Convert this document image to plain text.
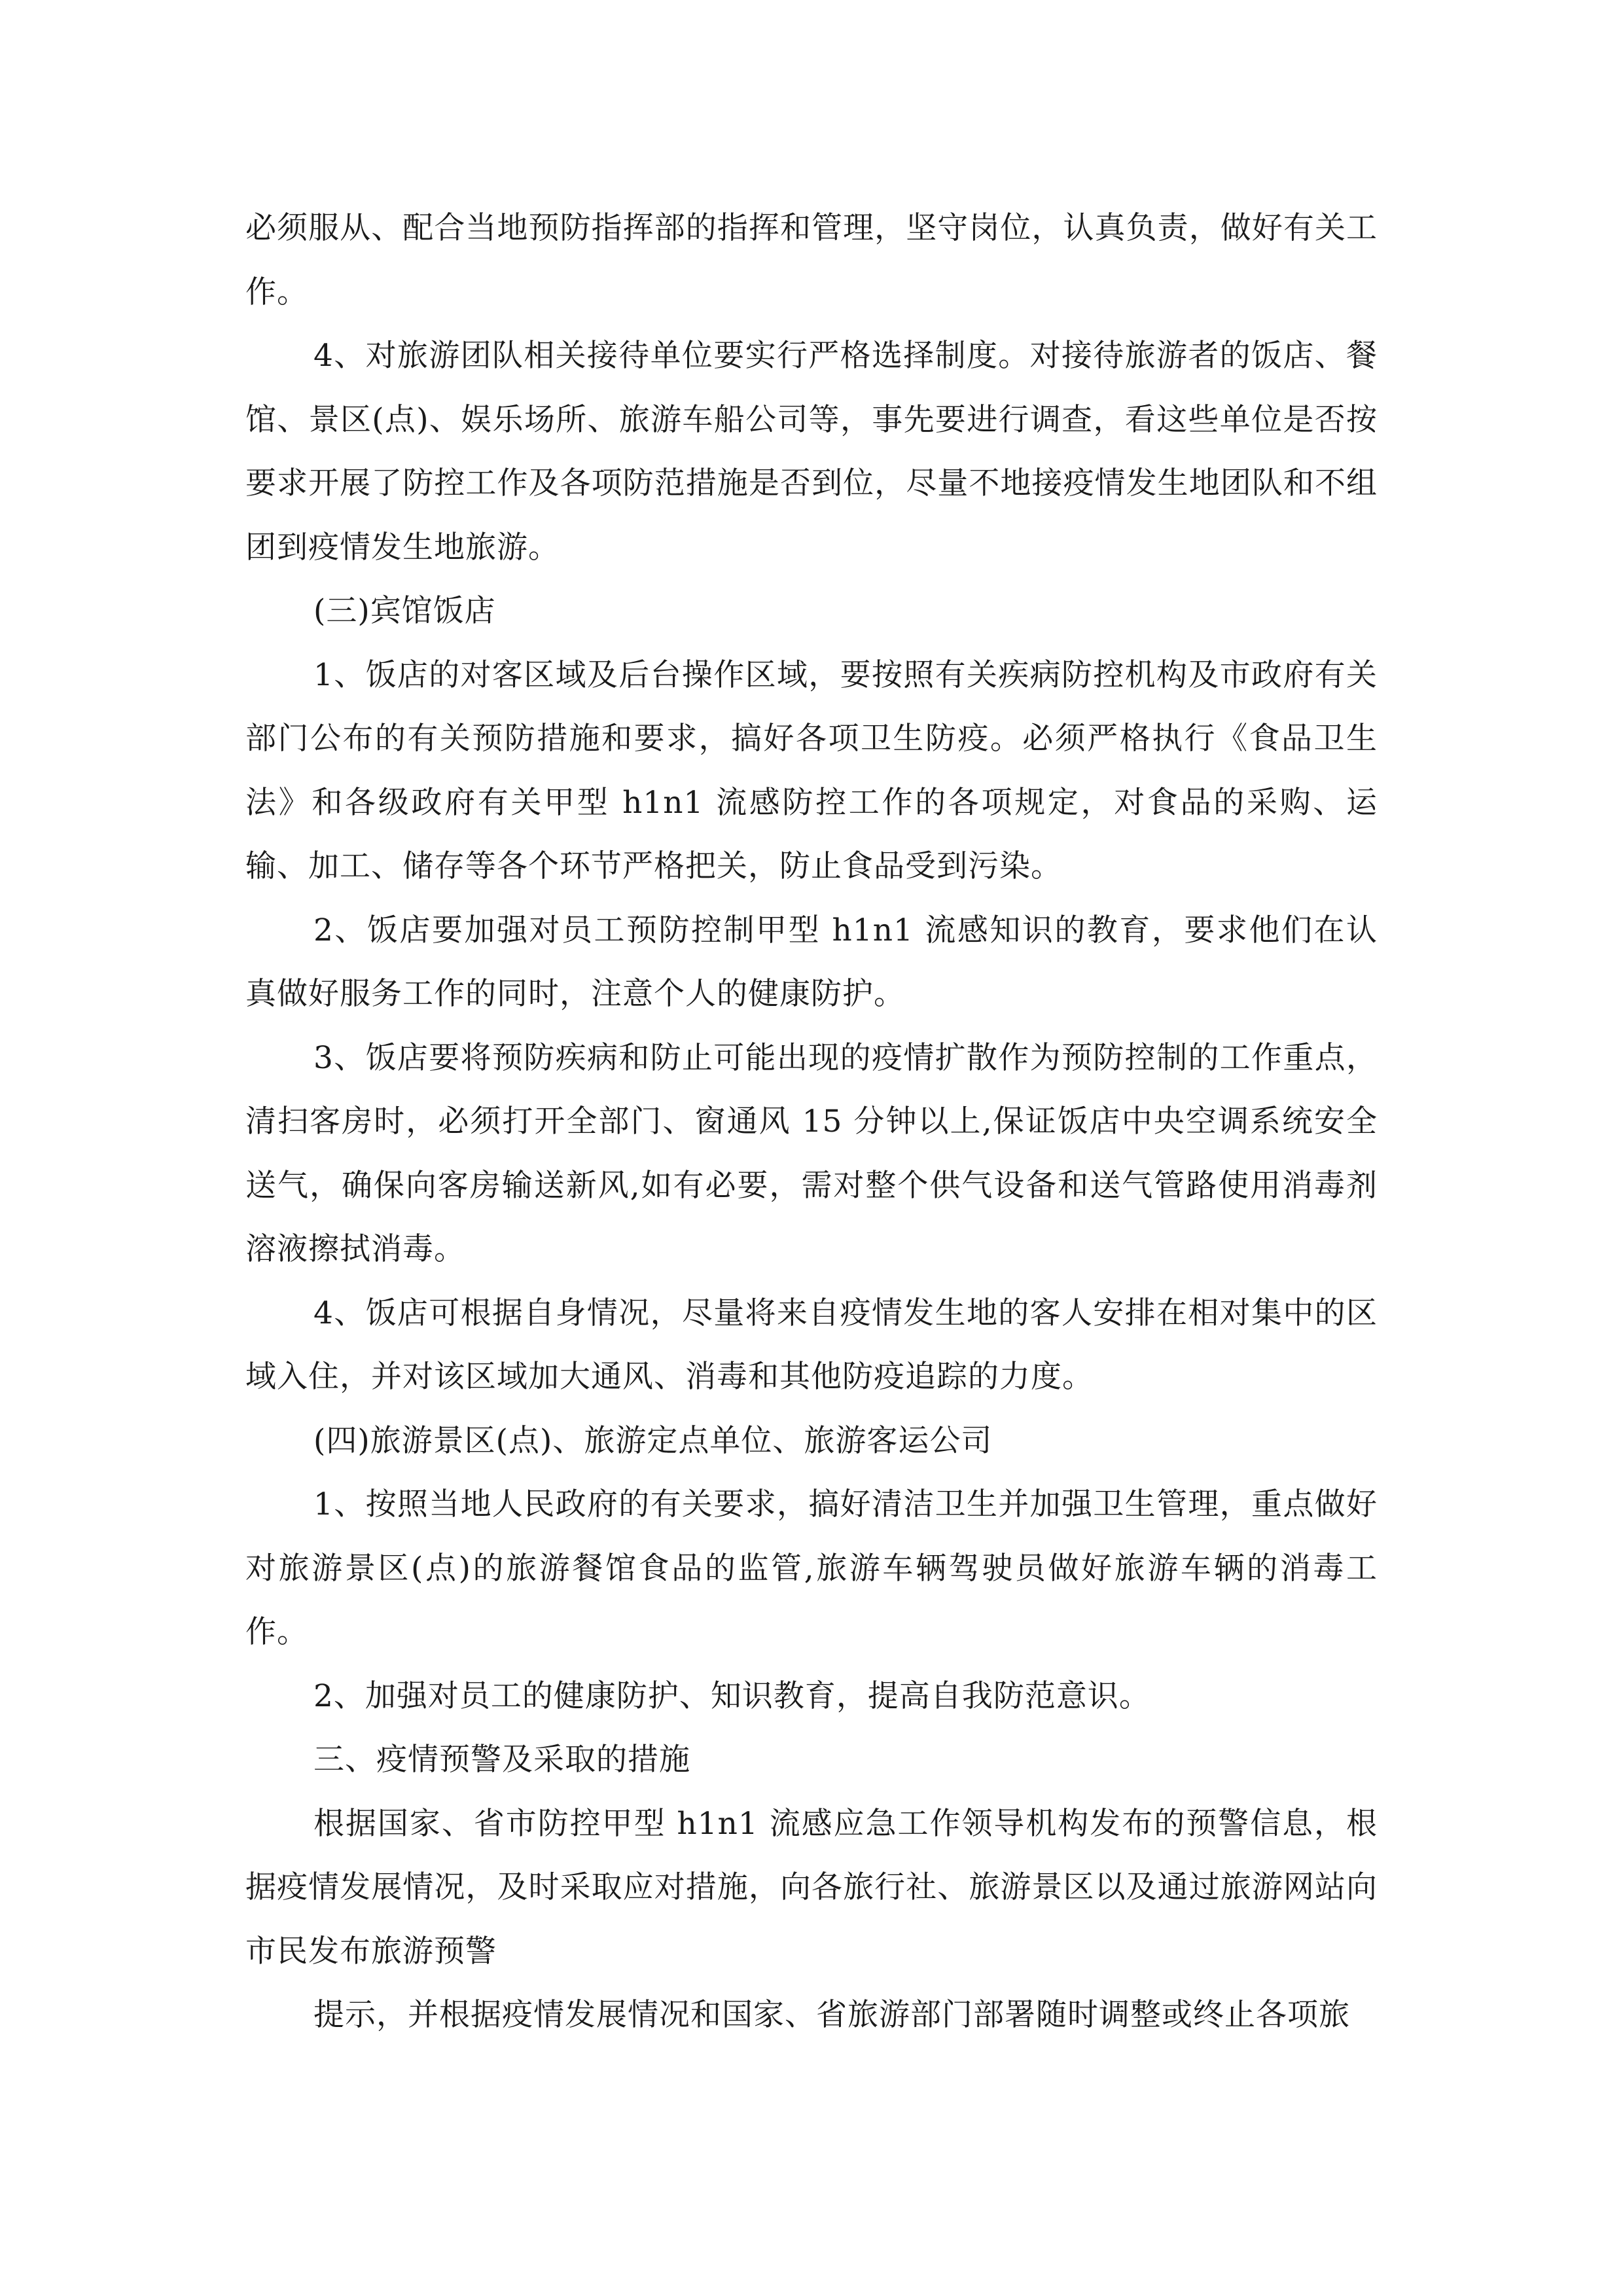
必须服从、配合当地预防指挥部的指挥和管理，坚守岗位，认真负责，做好有关工作。

4、对旅游团队相关接待单位要实行严格选择制度。对接待旅游者的饭店、餐馆、景区(点)、娱乐场所、旅游车船公司等，事先要进行调查，看这些单位是否按要求开展了防控工作及各项防范措施是否到位，尽量不地接疫情发生地团队和不组团到疫情发生地旅游。

(三)宾馆饭店

1、饭店的对客区域及后台操作区域，要按照有关疾病防控机构及市政府有关部门公布的有关预防措施和要求，搞好各项卫生防疫。必须严格执行《食品卫生法》和各级政府有关甲型 h1n1 流感防控工作的各项规定，对食品的采购、运输、加工、储存等各个环节严格把关，防止食品受到污染。

2、饭店要加强对员工预防控制甲型 h1n1 流感知识的教育，要求他们在认真做好服务工作的同时，注意个人的健康防护。

3、饭店要将预防疾病和防止可能出现的疫情扩散作为预防控制的工作重点，清扫客房时，必须打开全部门、窗通风 15 分钟以上,保证饭店中央空调系统安全送气，确保向客房输送新风,如有必要，需对整个供气设备和送气管路使用消毒剂溶液擦拭消毒。

4、饭店可根据自身情况，尽量将来自疫情发生地的客人安排在相对集中的区域入住，并对该区域加大通风、消毒和其他防疫追踪的力度。

(四)旅游景区(点)、旅游定点单位、旅游客运公司

1、按照当地人民政府的有关要求，搞好清洁卫生并加强卫生管理，重点做好对旅游景区(点)的旅游餐馆食品的监管,旅游车辆驾驶员做好旅游车辆的消毒工作。

2、加强对员工的健康防护、知识教育，提高自我防范意识。

三、疫情预警及采取的措施

根据国家、省市防控甲型 h1n1 流感应急工作领导机构发布的预警信息，根据疫情发展情况，及时采取应对措施，向各旅行社、旅游景区以及通过旅游网站向市民发布旅游预警

提示，并根据疫情发展情况和国家、省旅游部门部署随时调整或终止各项旅
